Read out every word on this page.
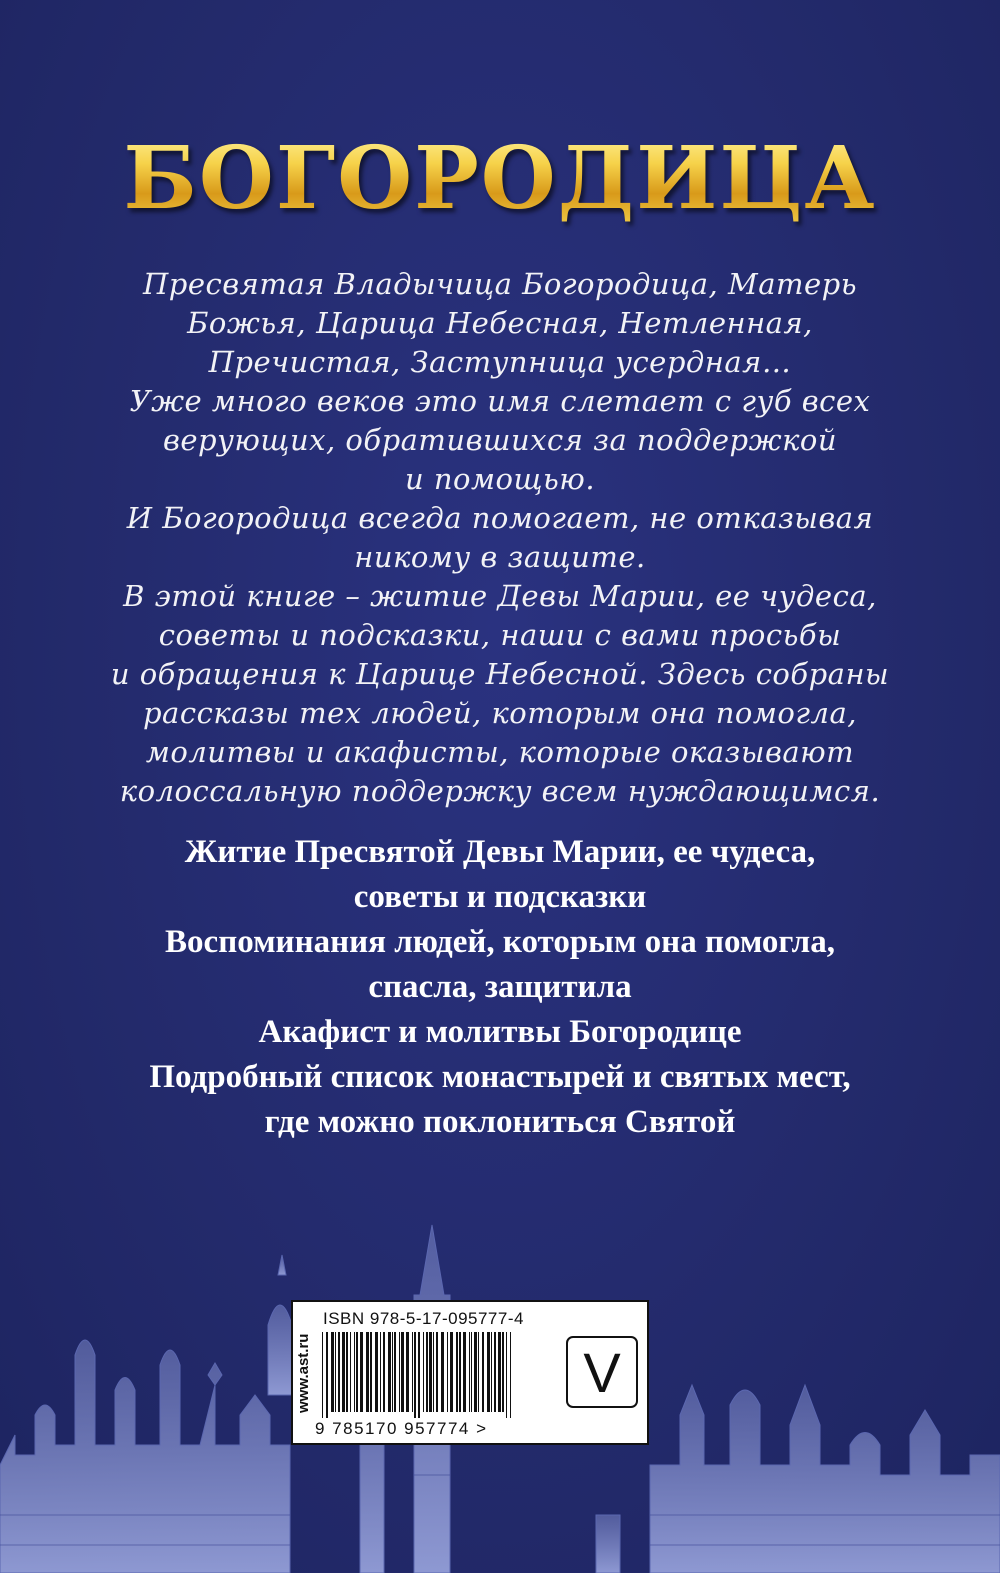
БОГОРОДИЦА

Пресвятая Владычица Богородица, Матерь

Божья, Царица Небесная, Нетленная,

Пречистая, Заступница усердная…

Уже много веков это имя слетает с губ всех

верующих, обратившихся за поддержкой

и помощью.

И Богородица всегда помогает, не отказывая

никому в защите.

В этой книге – житие Девы Марии, ее чудеса,

советы и подсказки, наши с вами просьбы

и обращения к Царице Небесной. Здесь собраны

рассказы тех людей, которым она помогла,

молитвы и акафисты, которые оказывают

колоссальную поддержку всем нуждающимся.

Житие Пресвятой Девы Марии, ее чудеса,

советы и подсказки

Воспоминания людей, которым она помогла,

спасла, защитила

Акафист и молитвы Богородице

Подробный список монастырей и святых мест,

где можно поклониться Святой

www.ast.ru
ISBN 978-5-17-095777-4
9 785170 957774 >
V
